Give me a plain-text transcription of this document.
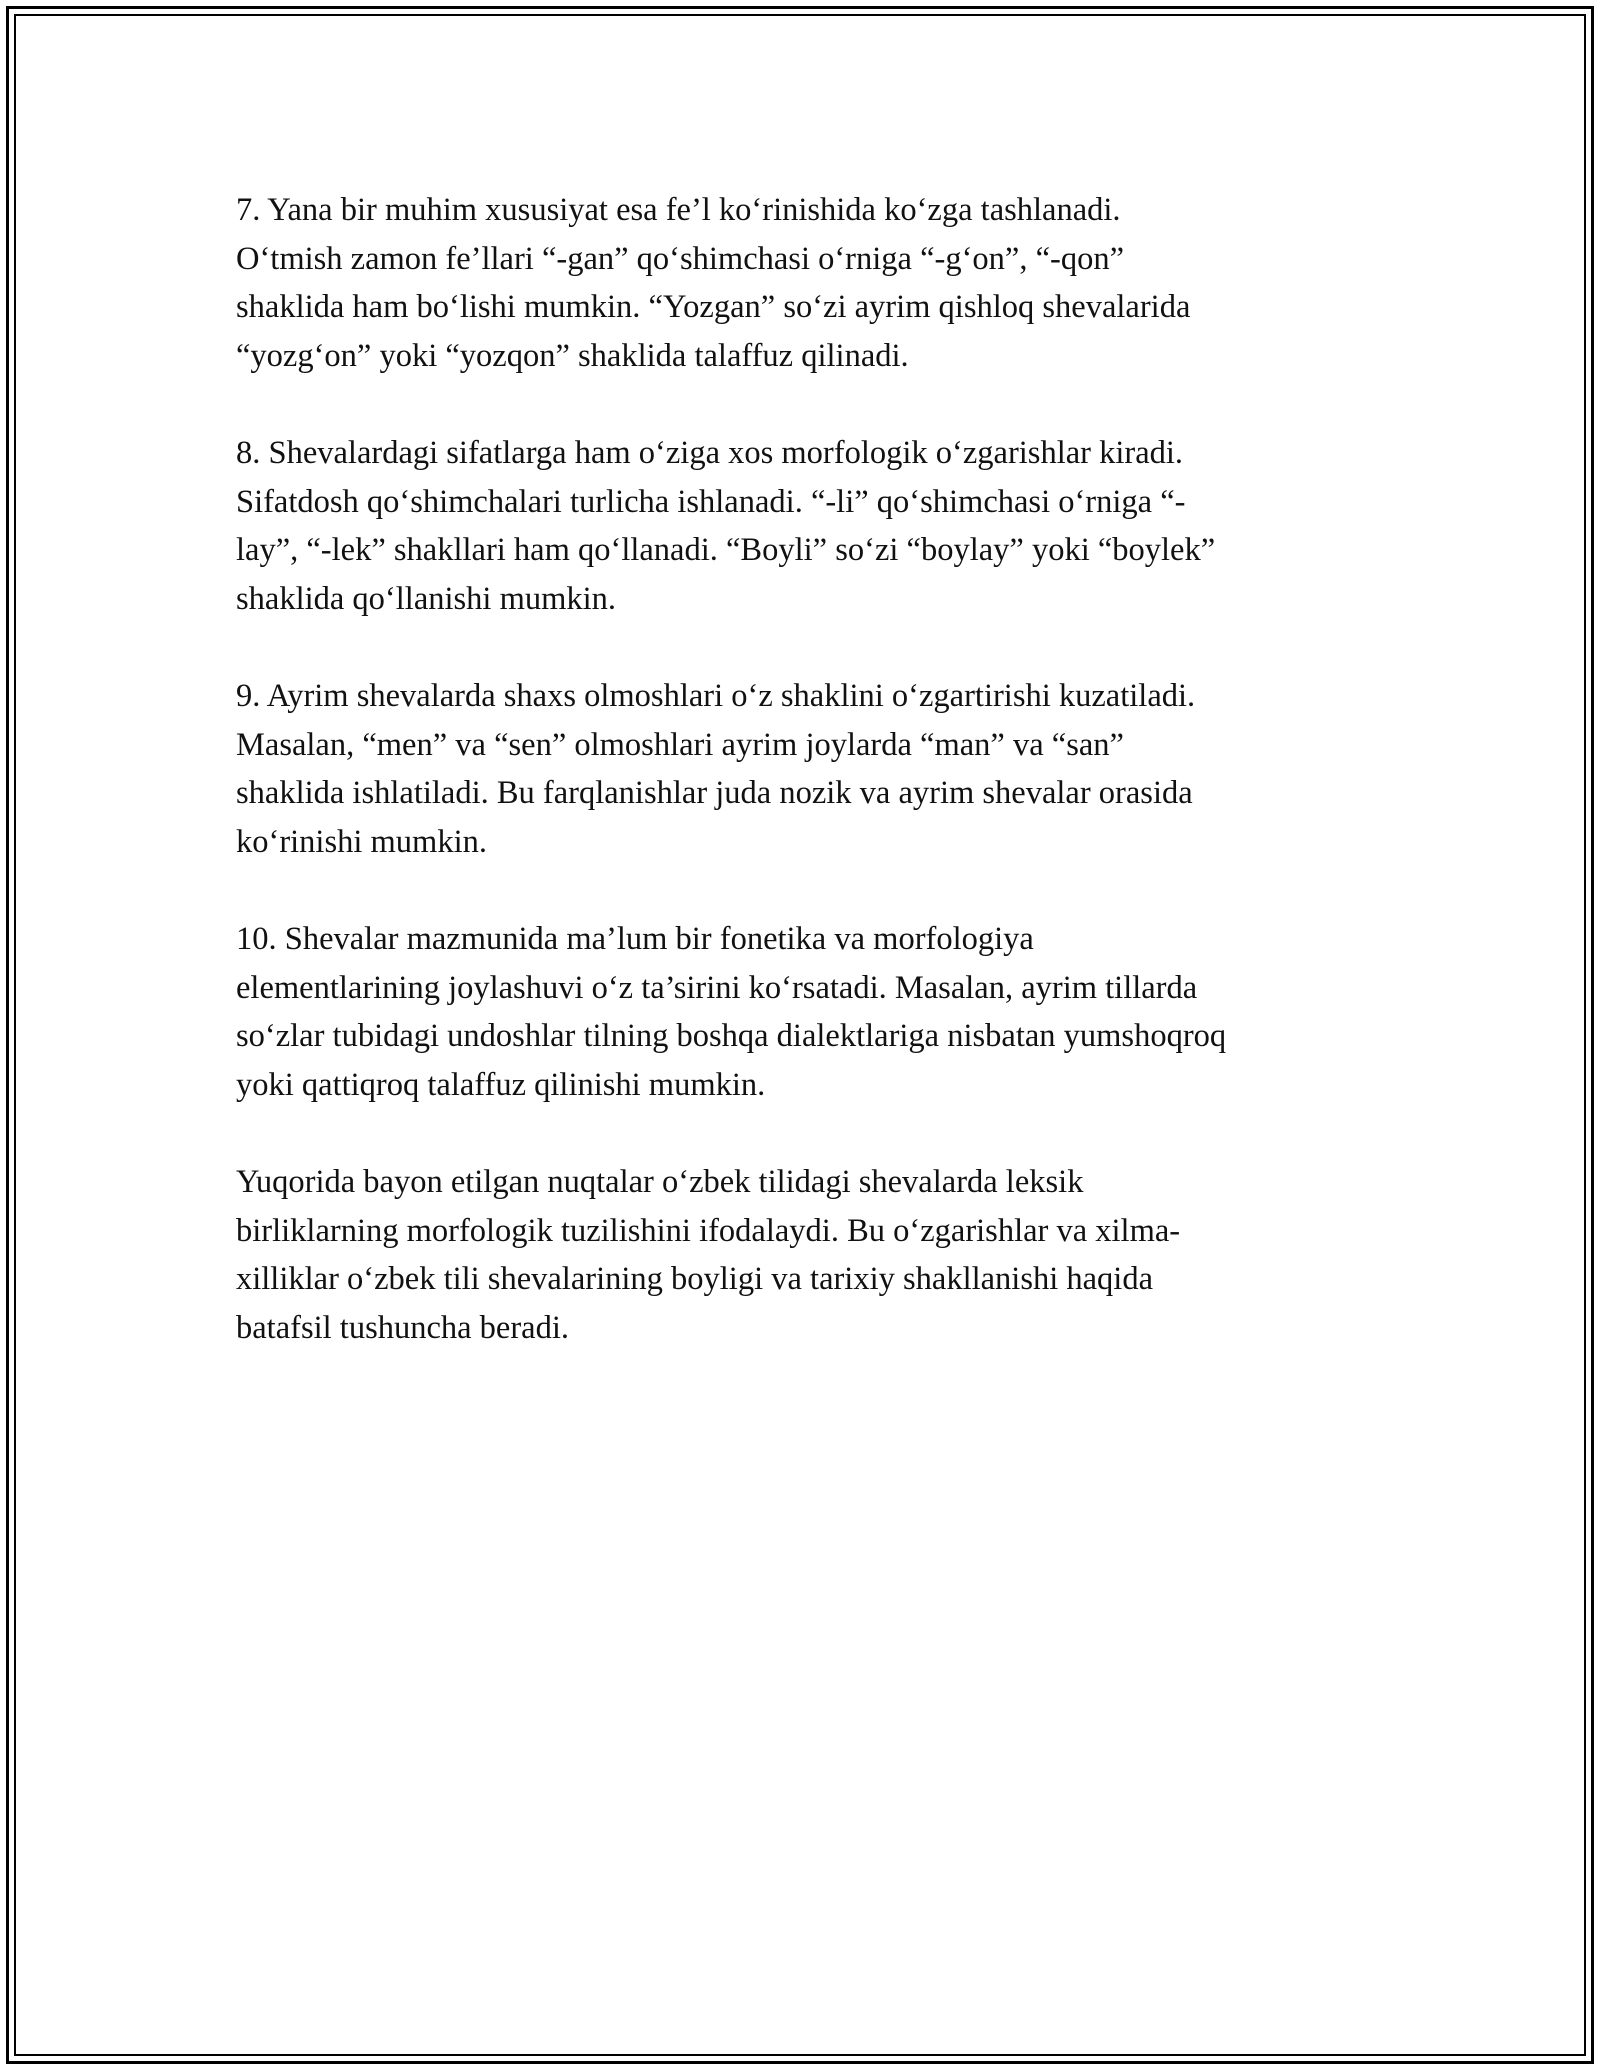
7. Yana bir muhim xususiyat esa fe’l ko‘rinishida ko‘zga tashlanadi.
O‘tmish zamon fe’llari “-gan” qo‘shimchasi o‘rniga “-g‘on”, “-qon”
shaklida ham bo‘lishi mumkin. “Yozgan” so‘zi ayrim qishloq shevalarida
“yozg‘on” yoki “yozqon” shaklida talaffuz qilinadi.

8. Shevalardagi sifatlarga ham o‘ziga xos morfologik o‘zgarishlar kiradi.
Sifatdosh qo‘shimchalari turlicha ishlanadi. “-li” qo‘shimchasi o‘rniga “-
lay”, “-lek” shakllari ham qo‘llanadi. “Boyli” so‘zi “boylay” yoki “boylek”
shaklida qo‘llanishi mumkin.

9. Ayrim shevalarda shaxs olmoshlari o‘z shaklini o‘zgartirishi kuzatiladi.
Masalan, “men” va “sen” olmoshlari ayrim joylarda “man” va “san”
shaklida ishlatiladi. Bu farqlanishlar juda nozik va ayrim shevalar orasida
ko‘rinishi mumkin.

10. Shevalar mazmunida ma’lum bir fonetika va morfologiya
elementlarining joylashuvi o‘z ta’sirini ko‘rsatadi. Masalan, ayrim tillarda
so‘zlar tubidagi undoshlar tilning boshqa dialektlariga nisbatan yumshoqroq
yoki qattiqroq talaffuz qilinishi mumkin.

Yuqorida bayon etilgan nuqtalar o‘zbek tilidagi shevalarda leksik
birliklarning morfologik tuzilishini ifodalaydi. Bu o‘zgarishlar va xilma-
xilliklar o‘zbek tili shevalarining boyligi va tarixiy shakllanishi haqida
batafsil tushuncha beradi.
